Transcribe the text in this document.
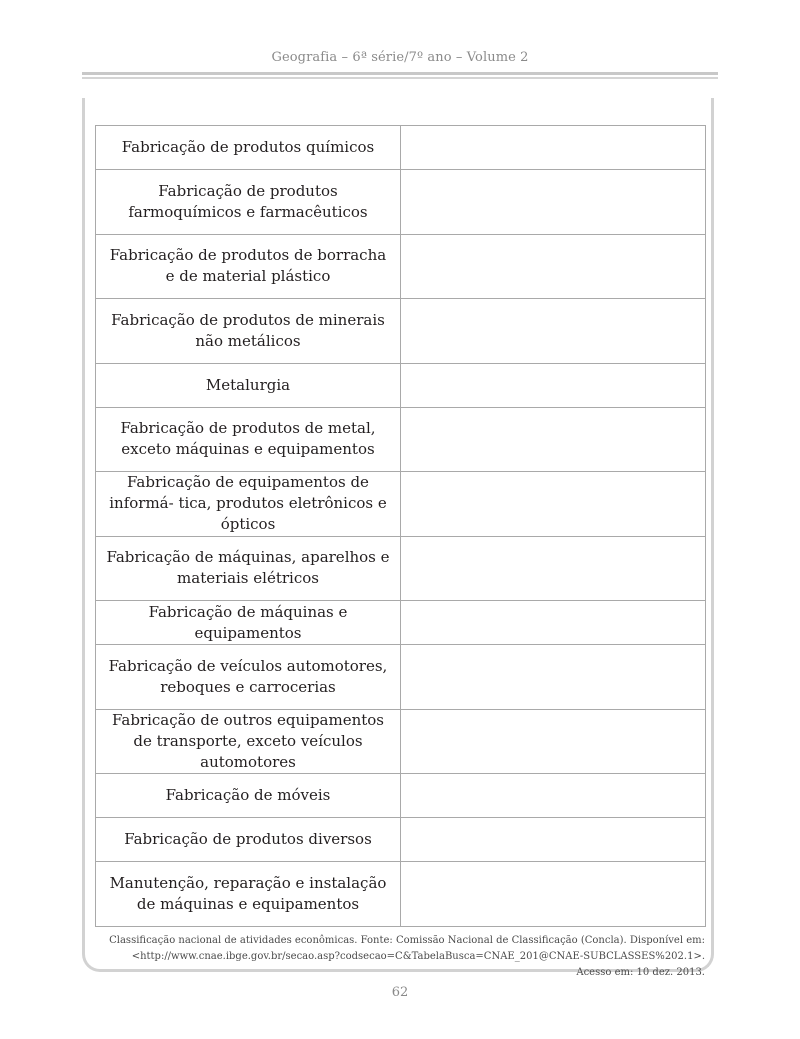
Geografia – 6ª série/7º ano – Volume 2
Fabricação de produtos químicos	
Fabricação de produtos farmoquímicos e farmacêuticos	
Fabricação de produtos de borracha e de material plástico	
Fabricação de produtos de minerais não metálicos	
Metalurgia	
Fabricação de produtos de metal, exceto máquinas e equipamentos	
Fabricação de equipamentos de informá- tica, produtos eletrônicos e ópticos	
Fabricação de máquinas, aparelhos e materiais elétricos	
Fabricação de máquinas e equipamentos	
Fabricação de veículos automotores, reboques e carrocerias	
Fabricação de outros equipamentos de transporte, exceto veículos automotores	
Fabricação de móveis	
Fabricação de produtos diversos	
Manutenção, reparação e instalação de máquinas e equipamentos	
Classificação nacional de atividades econômicas. Fonte: Comissão Nacional de Classificação (Concla). Disponível em:
<http://www.cnae.ibge.gov.br/secao.asp?codsecao=C&TabelaBusca=CNAE_201@CNAE-SUBCLASSES%202.1>. Acesso em: 10 dez. 2013.
62
